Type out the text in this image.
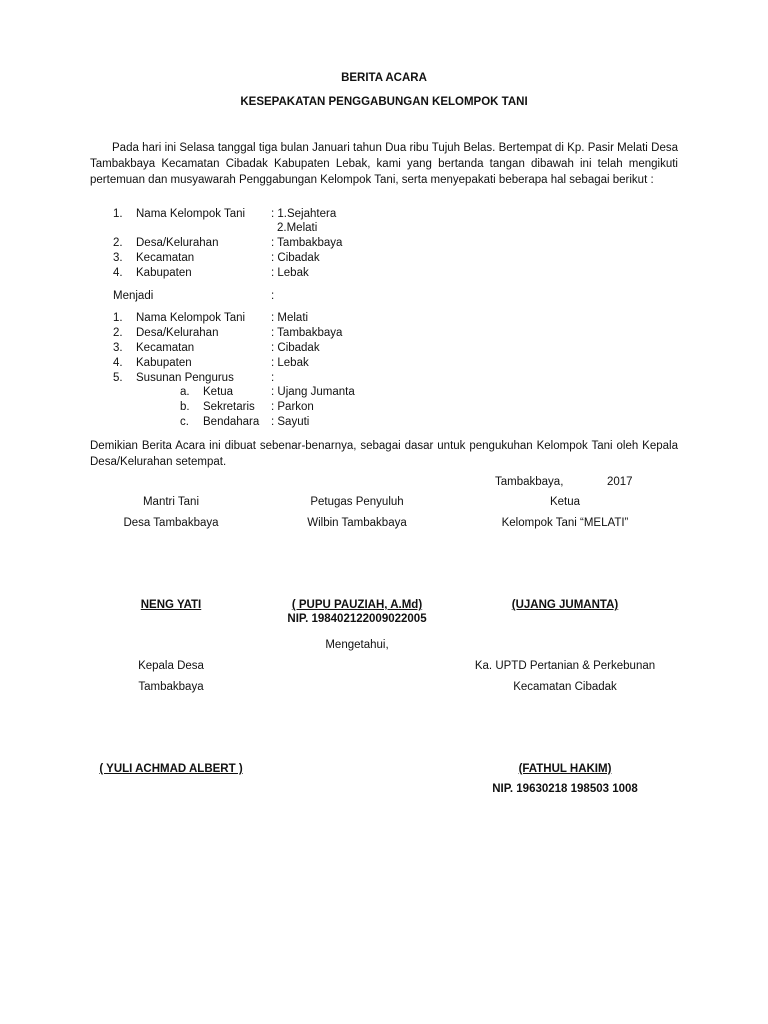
BERITA ACARA
KESEPAKATAN PENGGABUNGAN KELOMPOK TANI
Pada hari ini Selasa tanggal tiga bulan Januari tahun Dua ribu Tujuh Belas. Bertempat di Kp. Pasir Melati Desa Tambakbaya Kecamatan Cibadak Kabupaten Lebak, kami yang bertanda tangan dibawah ini telah mengikuti pertemuan dan musyawarah Penggabungan Kelompok Tani, serta menyepakati beberapa hal sebagai berikut :
1. Nama Kelompok Tani : 1.Sejahtera
2.Melati
2. Desa/Kelurahan	: Tambakbaya
3. Kecamatan	: Cibadak
4. Kabupaten	: Lebak
Menjadi	:
1. Nama Kelompok Tani : Melati
2. Desa/Kelurahan	: Tambakbaya
3. Kecamatan	: Cibadak
4. Kabupaten	: Lebak
5. Susunan Pengurus	:
a. Ketua	: Ujang Jumanta
b. Sekretaris : Parkon
c. Bendahara : Sayuti
Demikian Berita Acara ini dibuat sebenar-benarnya, sebagai dasar untuk pengukuhan Kelompok Tani oleh Kepala Desa/Kelurahan setempat.
Tambakbaya,	2017
Mantri Tani
Desa Tambakbaya
Petugas Penyuluh
Wilbin Tambakbaya
Ketua
Kelompok Tani “MELATI”
NENG YATI	( PUPU PAUZIAH, A.Md)
NIP. 198402122009022005
(UJANG JUMANTA)
Mengetahui,
Kepala Desa
Tambakbaya
Ka. UPTD Pertanian & Perkebunan
Kecamatan Cibadak
( YULI ACHMAD ALBERT )	(FATHUL HAKIM)
NIP. 19630218 198503 1008
